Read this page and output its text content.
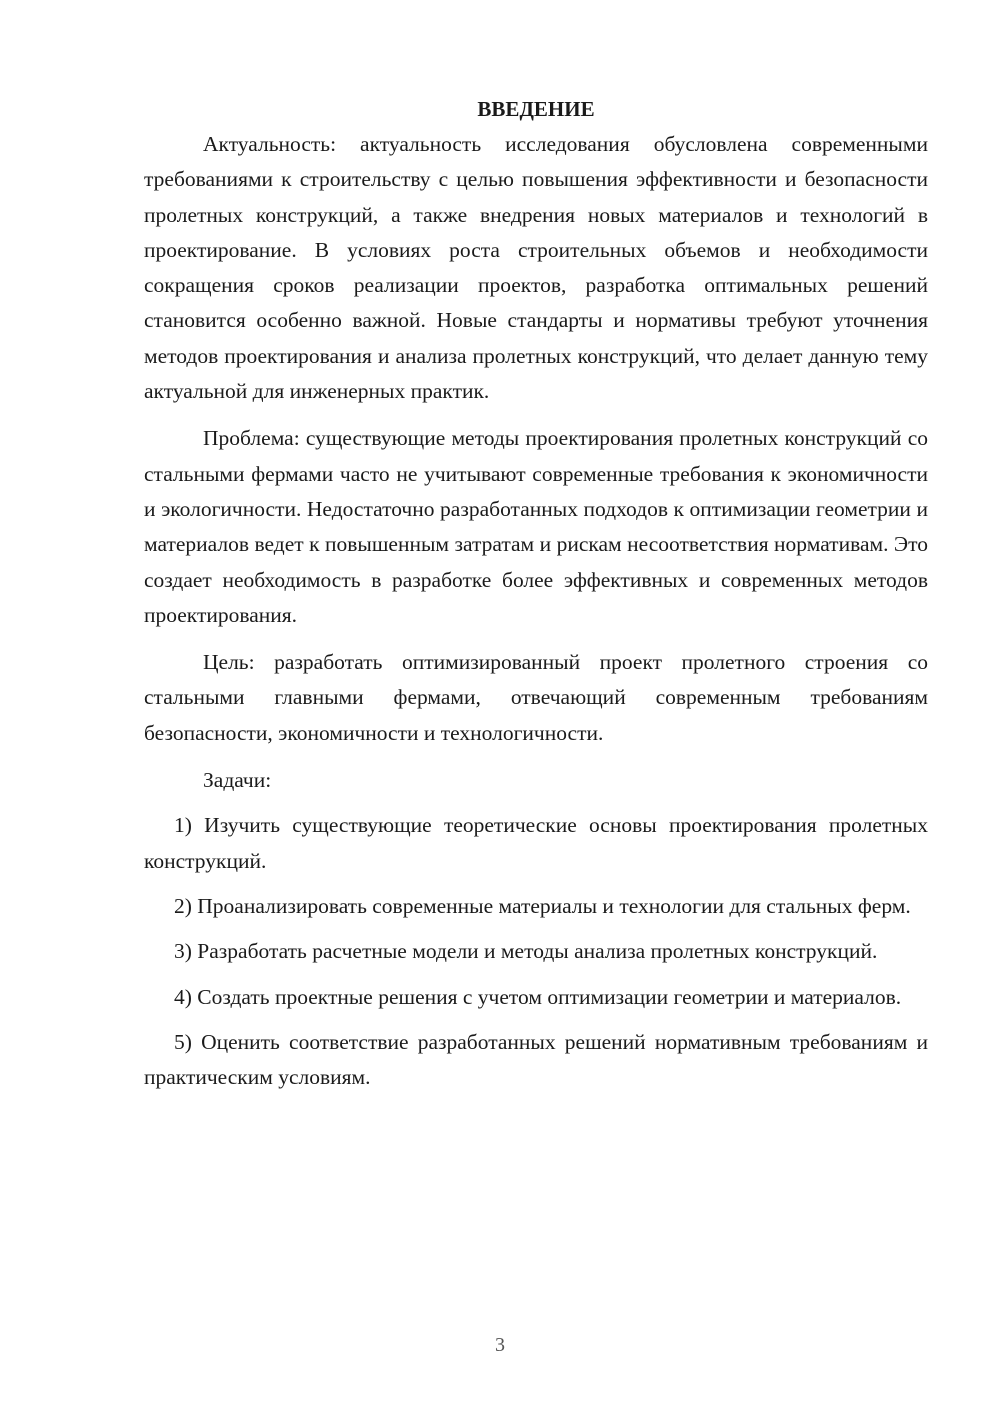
ВВЕДЕНИЕ

Актуальность: актуальность исследования обусловлена современными требованиями к строительству с целью повышения эффективности и безопасности пролетных конструкций, а также внедрения новых материалов и технологий в проектирование. В условиях роста строительных объемов и необходимости сокращения сроков реализации проектов, разработка оптимальных решений становится особенно важной. Новые стандарты и нормативы требуют уточнения методов проектирования и анализа пролетных конструкций, что делает данную тему актуальной для инженерных практик.

Проблема: существующие методы проектирования пролетных конструкций со стальными фермами часто не учитывают современные требования к экономичности и экологичности. Недостаточно разработанных подходов к оптимизации геометрии и материалов ведет к повышенным затратам и рискам несоответствия нормативам. Это создает необходимость в разработке более эффективных и современных методов проектирования.

Цель: разработать оптимизированный проект пролетного строения со стальными главными фермами, отвечающий современным требованиям безопасности, экономичности и технологичности.

Задачи:

1) Изучить существующие теоретические основы проектирования пролетных конструкций.
2) Проанализировать современные материалы и технологии для стальных ферм.
3) Разработать расчетные модели и методы анализа пролетных конструкций.
4) Создать проектные решения с учетом оптимизации геометрии и материалов.
5) Оценить соответствие разработанных решений нормативным требованиям и практическим условиям.
3
